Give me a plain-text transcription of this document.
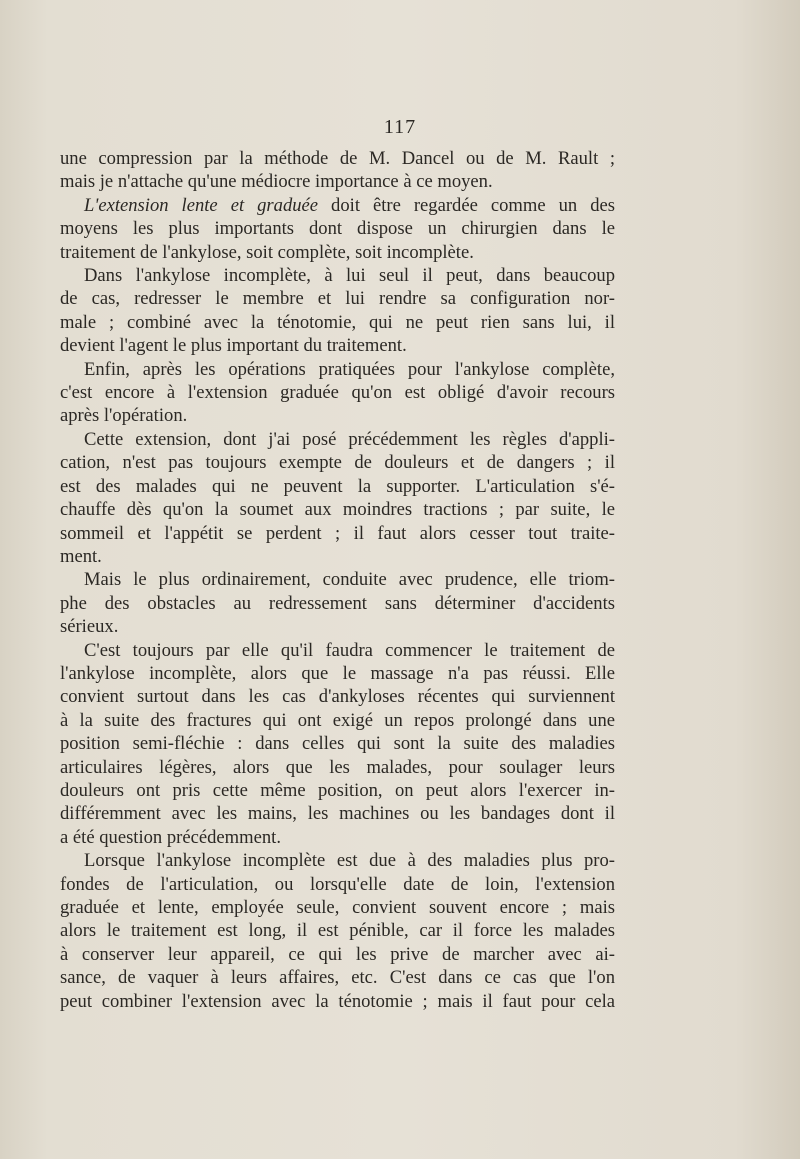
117
une compression par la méthode de M. Dancel ou de M. Rault ;
mais je n'attache qu'une médiocre importance à ce moyen.
L'extension lente et graduée doit être regardée comme un des
moyens les plus importants dont dispose un chirurgien dans le
traitement de l'ankylose, soit complète, soit incomplète.
Dans l'ankylose incomplète, à lui seul il peut, dans beaucoup
de cas, redresser le membre et lui rendre sa configuration nor-
male ; combiné avec la ténotomie, qui ne peut rien sans lui, il
devient l'agent le plus important du traitement.
Enfin, après les opérations pratiquées pour l'ankylose complète,
c'est encore à l'extension graduée qu'on est obligé d'avoir recours
après l'opération.
Cette extension, dont j'ai posé précédemment les règles d'appli-
cation, n'est pas toujours exempte de douleurs et de dangers ; il
est des malades qui ne peuvent la supporter. L'articulation s'é-
chauffe dès qu'on la soumet aux moindres tractions ; par suite, le
sommeil et l'appétit se perdent ; il faut alors cesser tout traite-
ment.
Mais le plus ordinairement, conduite avec prudence, elle triom-
phe des obstacles au redressement sans déterminer d'accidents
sérieux.
C'est toujours par elle qu'il faudra commencer le traitement de
l'ankylose incomplète, alors que le massage n'a pas réussi. Elle
convient surtout dans les cas d'ankyloses récentes qui surviennent
à la suite des fractures qui ont exigé un repos prolongé dans une
position semi-fléchie : dans celles qui sont la suite des maladies
articulaires légères, alors que les malades, pour soulager leurs
douleurs ont pris cette même position, on peut alors l'exercer in-
différemment avec les mains, les machines ou les bandages dont il
a été question précédemment.
Lorsque l'ankylose incomplète est due à des maladies plus pro-
fondes de l'articulation, ou lorsqu'elle date de loin, l'extension
graduée et lente, employée seule, convient souvent encore ; mais
alors le traitement est long, il est pénible, car il force les malades
à conserver leur appareil, ce qui les prive de marcher avec ai-
sance, de vaquer à leurs affaires, etc. C'est dans ce cas que l'on
peut combiner l'extension avec la ténotomie ; mais il faut pour cela
